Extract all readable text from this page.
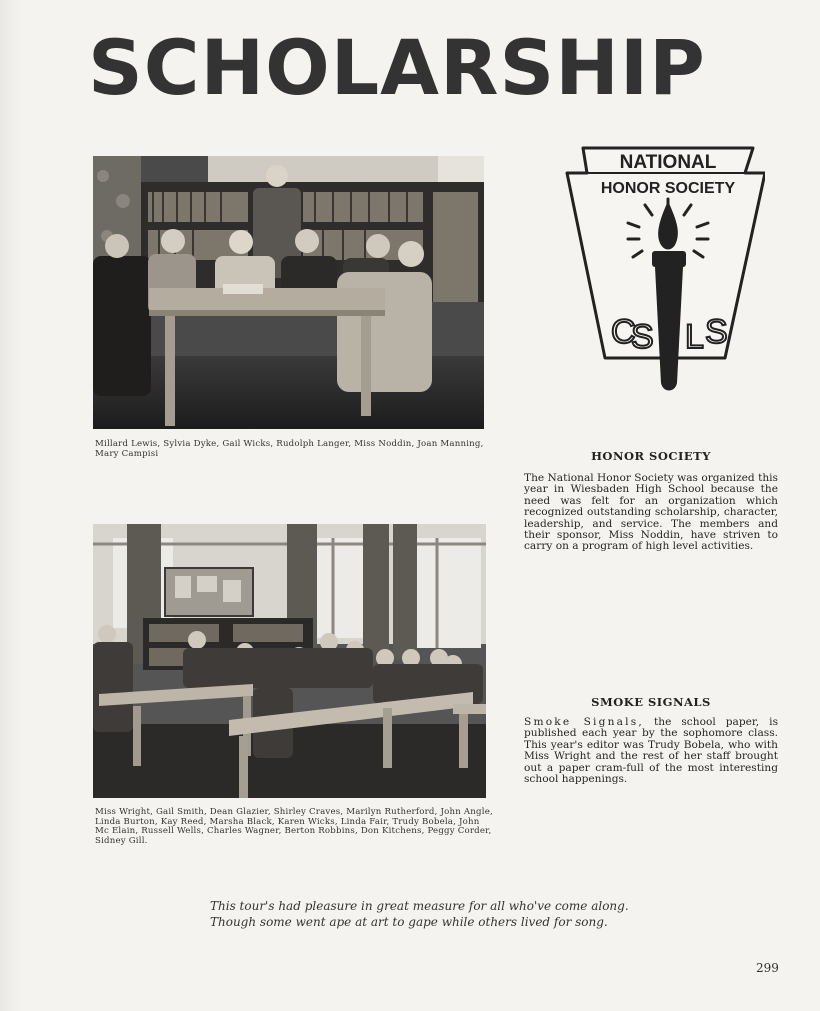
SCHOLARSHIP
Millard Lewis, Sylvia Dyke, Gail Wicks, Rudolph Langer, Miss Noddin, Joan Manning, Mary Campisi
NATIONAL
HONOR SOCIETY
C
S L S
HONOR SOCIETY
The National Honor Society was organized this year in Wiesbaden High School because the need was felt for an organization which recognized outstanding scholarship, character, leadership, and service. The members and their sponsor, Miss Noddin, have striven to carry on a program of high level activities.
Miss Wright, Gail Smith, Dean Glazier, Shirley Craves, Marilyn Rutherford, John Angle, Linda Burton, Kay Reed, Marsha Black, Karen Wicks, Linda Fair, Trudy Bobela, John Mc Elain, Russell Wells, Charles Wagner, Berton Robbins, Don Kitchens, Peggy Corder, Sidney Gill.
SMOKE SIGNALS
Smoke Signals, the school paper, is published each year by the sophomore class. This year's editor was Trudy Bobela, who with Miss Wright and the rest of her staff brought out a paper cram-full of the most interesting school happenings.
This tour's had pleasure in great measure for all who've come along.
Though some went ape at art to gape while others lived for song.
299
